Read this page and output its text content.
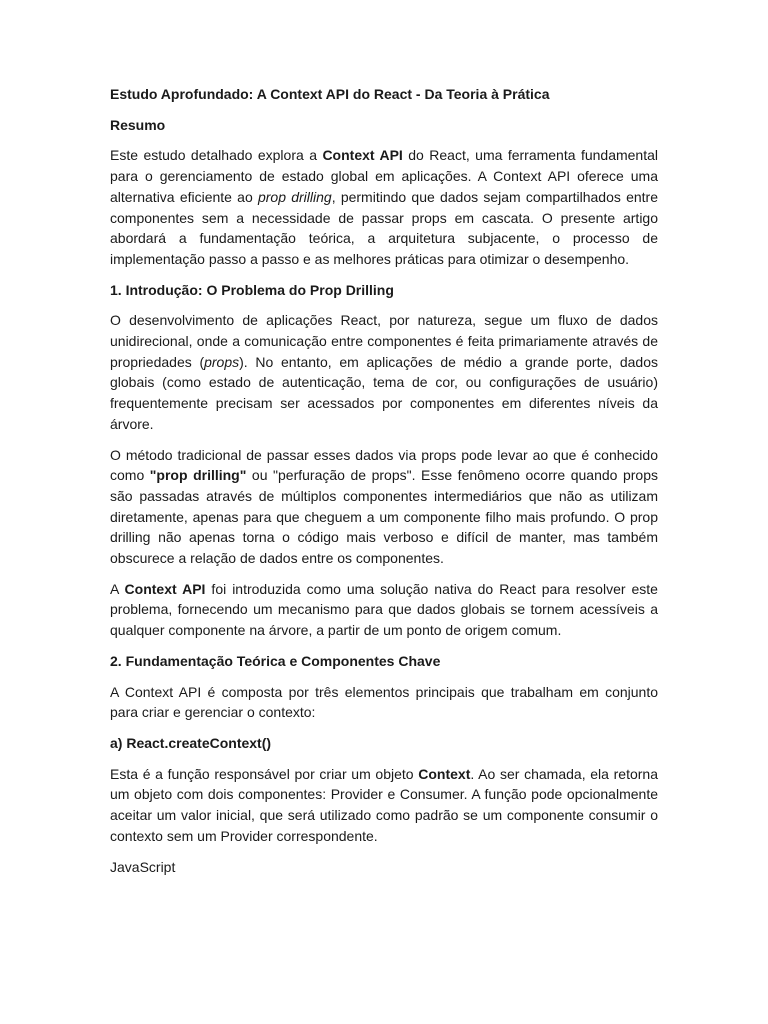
Estudo Aprofundado: A Context API do React - Da Teoria à Prática

Resumo

Este estudo detalhado explora a Context API do React, uma ferramenta fundamental para o gerenciamento de estado global em aplicações. A Context API oferece uma alternativa eficiente ao prop drilling, permitindo que dados sejam compartilhados entre componentes sem a necessidade de passar props em cascata. O presente artigo abordará a fundamentação teórica, a arquitetura subjacente, o processo de implementação passo a passo e as melhores práticas para otimizar o desempenho.

1. Introdução: O Problema do Prop Drilling

O desenvolvimento de aplicações React, por natureza, segue um fluxo de dados unidirecional, onde a comunicação entre componentes é feita primariamente através de propriedades (props). No entanto, em aplicações de médio a grande porte, dados globais (como estado de autenticação, tema de cor, ou configurações de usuário) frequentemente precisam ser acessados por componentes em diferentes níveis da árvore.

O método tradicional de passar esses dados via props pode levar ao que é conhecido como "prop drilling" ou "perfuração de props". Esse fenômeno ocorre quando props são passadas através de múltiplos componentes intermediários que não as utilizam diretamente, apenas para que cheguem a um componente filho mais profundo. O prop drilling não apenas torna o código mais verboso e difícil de manter, mas também obscurece a relação de dados entre os componentes.

A Context API foi introduzida como uma solução nativa do React para resolver este problema, fornecendo um mecanismo para que dados globais se tornem acessíveis a qualquer componente na árvore, a partir de um ponto de origem comum.

2. Fundamentação Teórica e Componentes Chave

A Context API é composta por três elementos principais que trabalham em conjunto para criar e gerenciar o contexto:

a) React.createContext()

Esta é a função responsável por criar um objeto Context. Ao ser chamada, ela retorna um objeto com dois componentes: Provider e Consumer. A função pode opcionalmente aceitar um valor inicial, que será utilizado como padrão se um componente consumir o contexto sem um Provider correspondente.

JavaScript
